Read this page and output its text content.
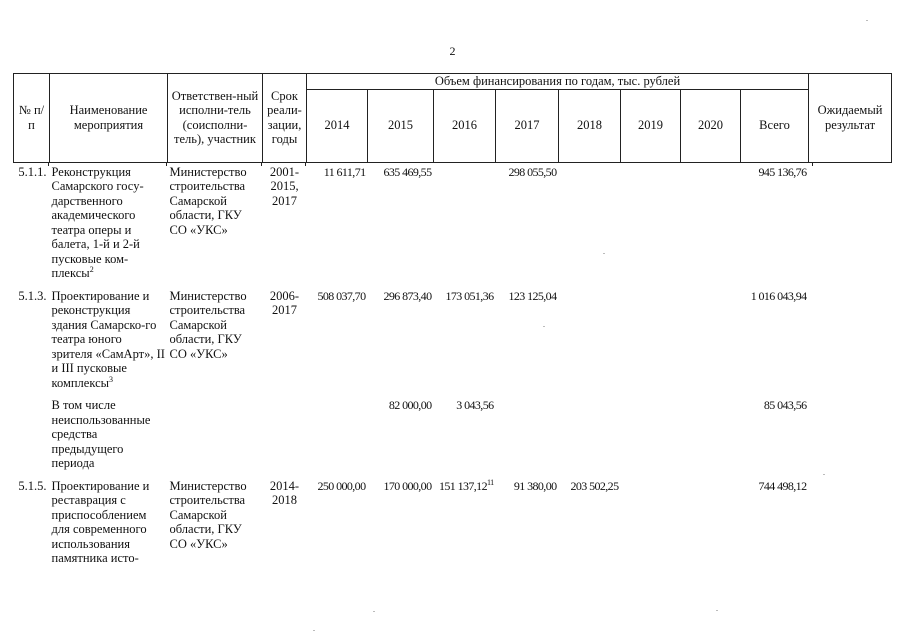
2
№ п/п	Наименование мероприятия	Ответствен-ный исполни-тель (соисполни-тель), участник	Срок реали-зации, годы	Объем финансирования по годам, тыс. рублей								Ожидаемый результат
				2014	2015	2016	2017	2018	2019	2020	Всего	
5.1.1.	Реконструкция Самарского госу-дарственного академического театра оперы и балета, 1-й и 2-й пусковые ком-плексы$^2$	Министерство строительства Самарской области, ГКУ СО «УКС»	2001-2015, 2017	11 611,71	635 469,55		298 055,50				945 136,76	
5.1.3.	Проектирование и реконструкция здания Самарско-го театра юного зрителя «СамАрт», II и III пусковые комплексы$^3$	Министерство строительства Самарской области, ГКУ СО «УКС»	2006-2017	508 037,70	296 873,40	173 051,36	123 125,04				1 016 043,94	
	В том числе неиспользованные средства предыдущего периода				82 000,00	3 043,56					85 043,56	
5.1.5.	Проектирование и реставрация с приспособлением для современного использования памятника исто-	Министерство строительства Самарской области, ГКУ СО «УКС»	2014-2018	250 000,00	170 000,00	151 137,12$^{11}$	91 380,00	203 502,25			744 498,12	
